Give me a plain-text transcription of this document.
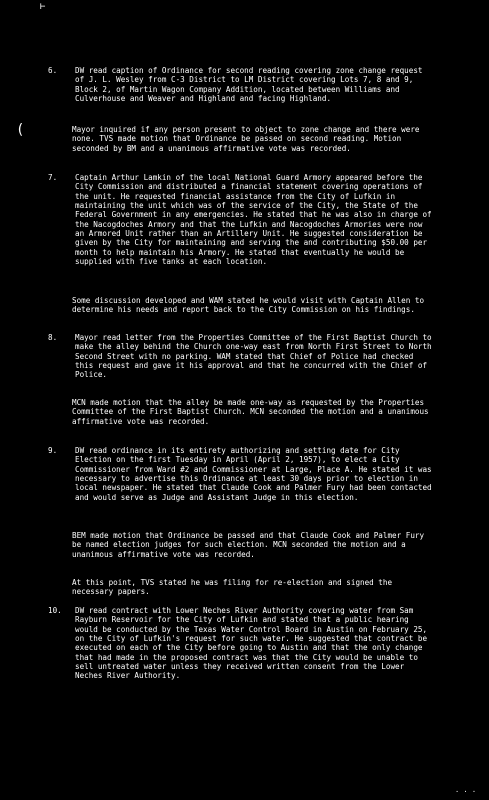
⊢
(
· · ·
6. DW read caption of Ordinance for second reading covering zone change request of J. L. Wesley from C-3 District to LM District covering Lots 7, 8 and 9, Block 2, of Martin Wagon Company Addition, located between Williams and Culverhouse and Weaver and Highland and facing Highland.

Mayor inquired if any person present to object to zone change and there were none. TVS made motion that Ordinance be passed on second reading. Motion seconded by BM and a unanimous affirmative vote was recorded.

7. Captain Arthur Lamkin of the local National Guard Armory appeared before the City Commission and distributed a financial statement covering operations of the unit. He requested financial assistance from the City of Lufkin in maintaining the unit which was of the service of the City, the State of the Federal Government in any emergencies. He stated that he was also in charge of the Nacogdoches Armory and that the Lufkin and Nacogdoches Armories were now an Armored Unit rather than an Artillery Unit. He suggested consideration be given by the City for maintaining and serving the and contributing $50.00 per month to help maintain his Armory. He stated that eventually he would be supplied with five tanks at each location.

Some discussion developed and WAM stated he would visit with Captain Allen to determine his needs and report back to the City Commission on his findings.

8. Mayor read letter from the Properties Committee of the First Baptist Church to make the alley behind the Church one-way east from North First Street to North Second Street with no parking. WAM stated that Chief of Police had checked this request and gave it his approval and that he concurred with the Chief of Police.

MCN made motion that the alley be made one-way as requested by the Properties Committee of the First Baptist Church. MCN seconded the motion and a unanimous affirmative vote was recorded.

9. DW read ordinance in its entirety authorizing and setting date for City Election on the first Tuesday in April (April 2, 1957), to elect a City Commissioner from Ward #2 and Commissioner at Large, Place A. He stated it was necessary to advertise this Ordinance at least 30 days prior to election in local newspaper. He stated that Claude Cook and Palmer Fury had been contacted and would serve as Judge and Assistant Judge in this election.

BEM made motion that Ordinance be passed and that Claude Cook and Palmer Fury be named election judges for such election. MCN seconded the motion and a unanimous affirmative vote was recorded.

At this point, TVS stated he was filing for re-election and signed the necessary papers.

10. DW read contract with Lower Neches River Authority covering water from Sam Rayburn Reservoir for the City of Lufkin and stated that a public hearing would be conducted by the Texas Water Control Board in Austin on February 25, on the City of Lufkin's request for such water. He suggested that contract be executed on each of the City before going to Austin and that the only change that had made in the proposed contract was that the City would be unable to sell untreated water unless they received written consent from the Lower Neches River Authority.
